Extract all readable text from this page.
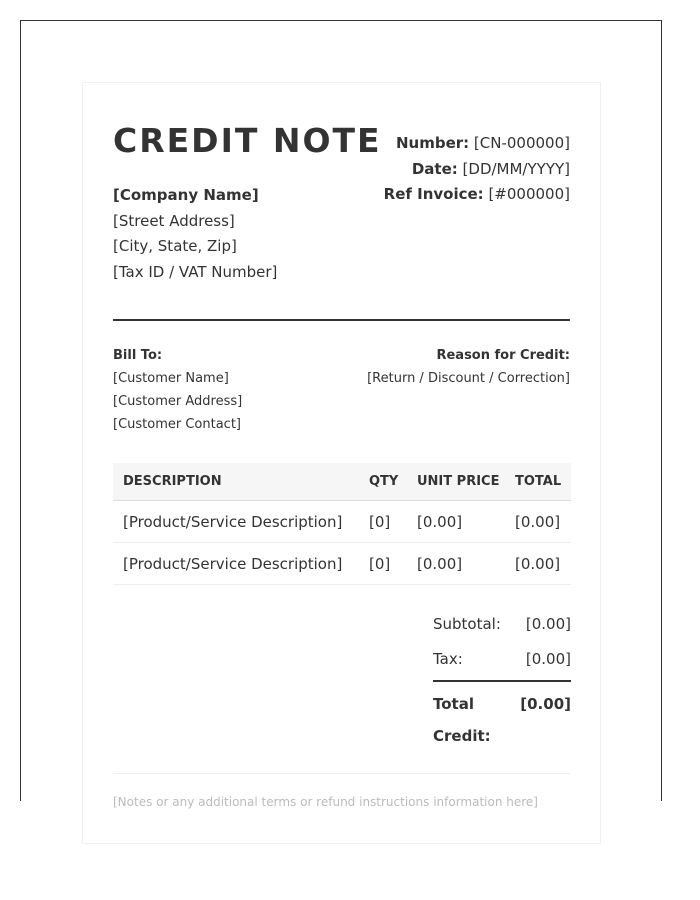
CREDIT NOTE
[Company Name]
[Street Address]
[City, State, Zip]
[Tax ID / VAT Number]
Number: [CN-000000]
Date: [DD/MM/YYYY]
Ref Invoice: [#000000]
Bill To:
[Customer Name]
[Customer Address]
[Customer Contact]
Reason for Credit:
[Return / Discount / Correction]
DESCRIPTION	QTY	UNIT PRICE	TOTAL
[Product/Service Description]	[0]	[0.00]	[0.00]
[Product/Service Description]	[0]	[0.00]	[0.00]
Subtotal: [0.00]
Tax:	[0.00]
Total Credit:
[0.00]
[Notes or any additional terms or refund instructions information here]
